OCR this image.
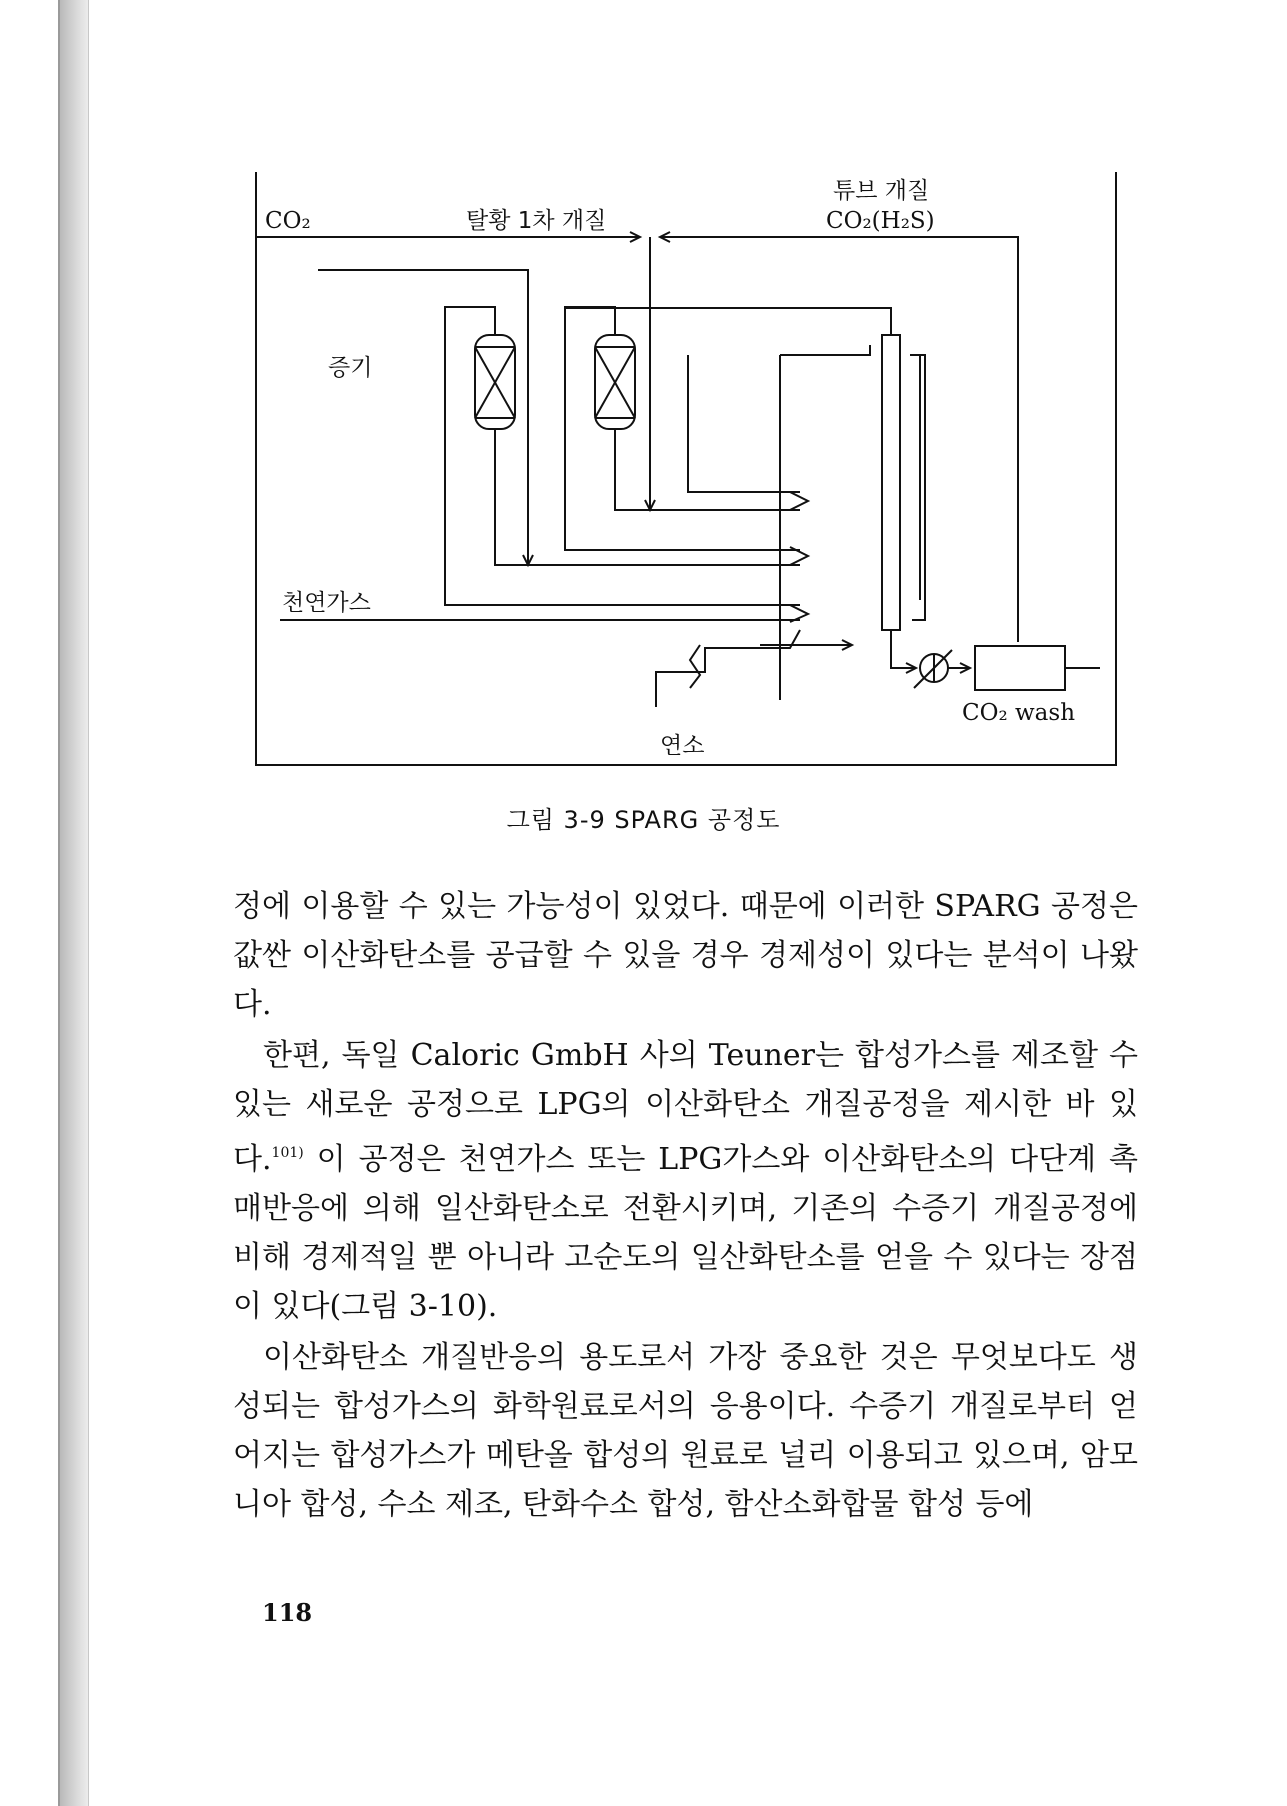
CO₂	탈황 1차 개질
튜브 개질
CO₂(H₂S)
증기
천연가스
연소
CO₂ wash
그림 3-9 SPARG 공정도

정에 이용할 수 있는 가능성이 있었다. 때문에 이러한 SPARG 공정은 값싼 이산화탄소를 공급할 수 있을 경우 경제성이 있다는 분석이 나왔다.

한편, 독일 Caloric GmbH 사의 Teuner는 합성가스를 제조할 수 있는 새로운 공정으로 LPG의 이산화탄소 개질공정을 제시한 바 있다.$^{101)}$ 이 공정은 천연가스 또는 LPG가스와 이산화탄소의 다단계 촉매반응에 의해 일산화탄소로 전환시키며, 기존의 수증기 개질공정에 비해 경제적일 뿐 아니라 고순도의 일산화탄소를 얻을 수 있다는 장점이 있다(그림 3-10).

이산화탄소 개질반응의 용도로서 가장 중요한 것은 무엇보다도 생성되는 합성가스의 화학원료로서의 응용이다. 수증기 개질로부터 얻어지는 합성가스가 메탄올 합성의 원료로 널리 이용되고 있으며, 암모니아 합성, 수소 제조, 탄화수소 합성, 함산소화합물 합성 등에

118
